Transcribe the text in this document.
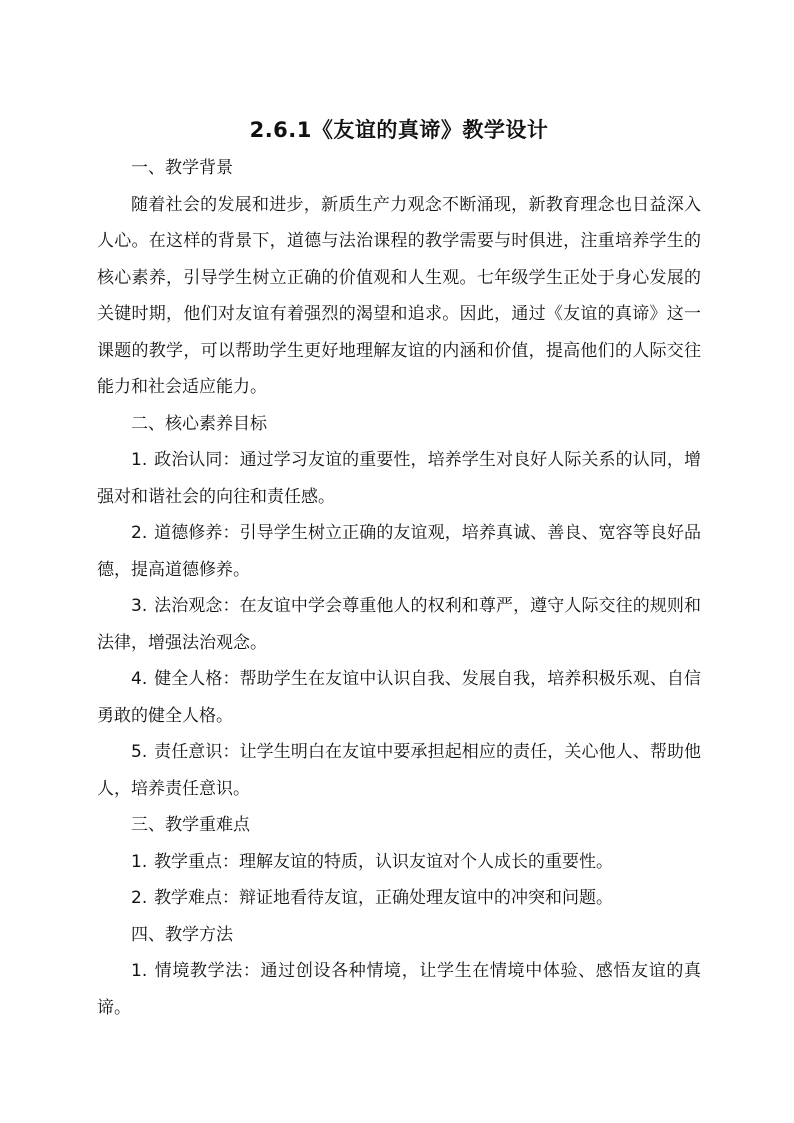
2.6.1《友谊的真谛》教学设计

一、教学背景

随着社会的发展和进步，新质生产力观念不断涌现，新教育理念也日益深入人心。在这样的背景下，道德与法治课程的教学需要与时俱进，注重培养学生的核心素养，引导学生树立正确的价值观和人生观。七年级学生正处于身心发展的关键时期，他们对友谊有着强烈的渴望和追求。因此，通过《友谊的真谛》这一课题的教学，可以帮助学生更好地理解友谊的内涵和价值，提高他们的人际交往能力和社会适应能力。

二、核心素养目标

1. 政治认同：通过学习友谊的重要性，培养学生对良好人际关系的认同，增强对和谐社会的向往和责任感。

2. 道德修养：引导学生树立正确的友谊观，培养真诚、善良、宽容等良好品德，提高道德修养。

3. 法治观念：在友谊中学会尊重他人的权利和尊严，遵守人际交往的规则和法律，增强法治观念。

4. 健全人格：帮助学生在友谊中认识自我、发展自我，培养积极乐观、自信勇敢的健全人格。

5. 责任意识：让学生明白在友谊中要承担起相应的责任，关心他人、帮助他人，培养责任意识。

三、教学重难点

1. 教学重点：理解友谊的特质，认识友谊对个人成长的重要性。

2. 教学难点：辩证地看待友谊，正确处理友谊中的冲突和问题。

四、教学方法

1. 情境教学法：通过创设各种情境，让学生在情境中体验、感悟友谊的真谛。
